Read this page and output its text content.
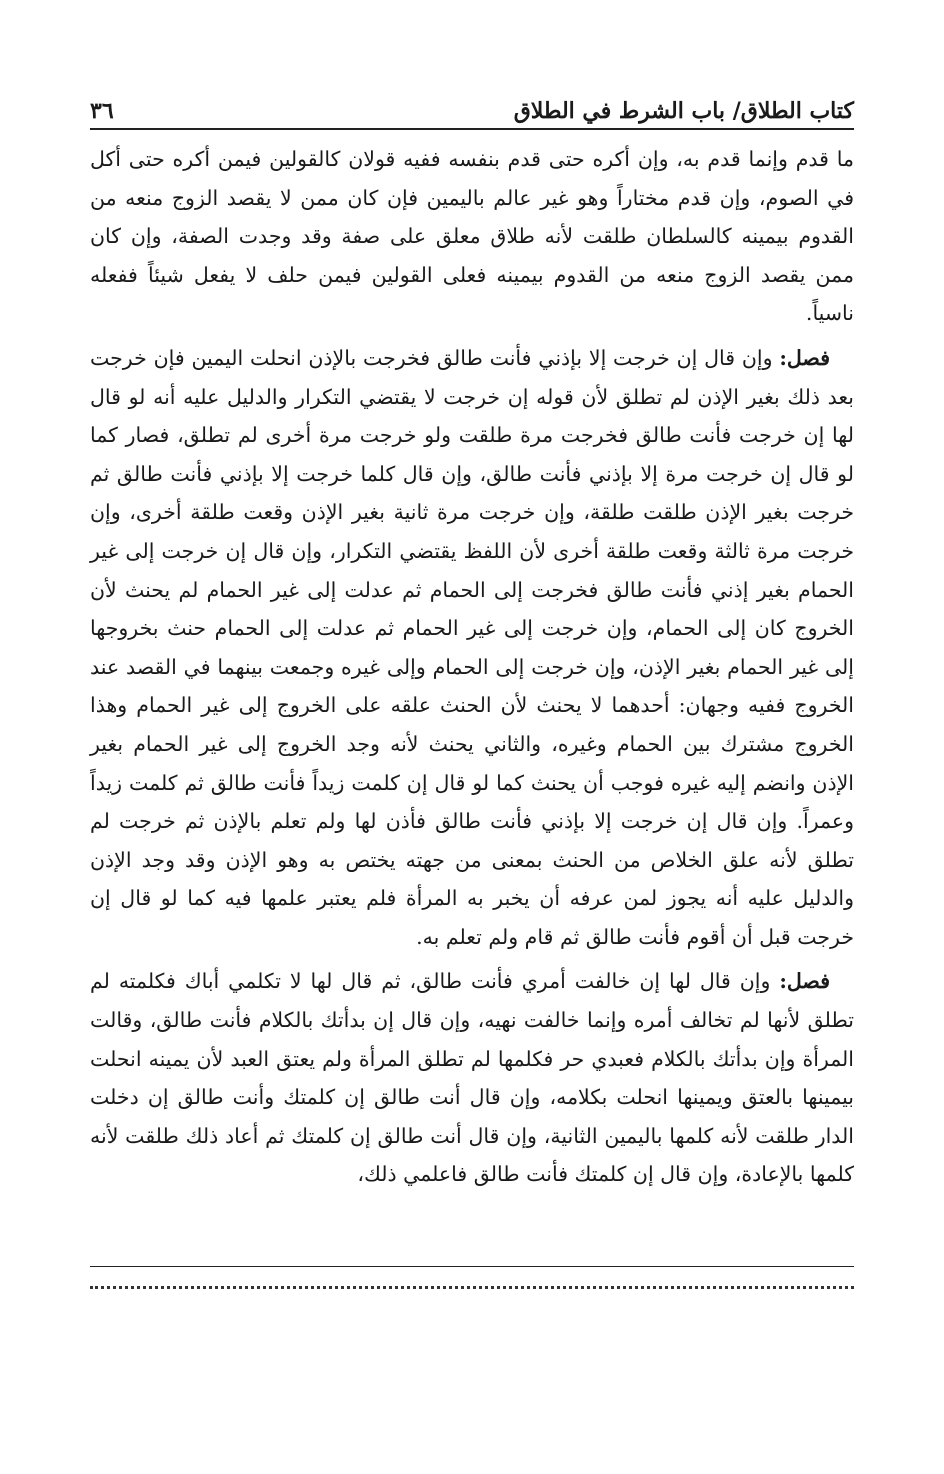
كتاب الطلاق/ باب الشرط في الطلاق
٣٦

ما قدم وإنما قدم به، وإن أكره حتى قدم بنفسه ففيه قولان كالقولين فيمن أكره حتى أكل في الصوم، وإن قدم مختاراً وهو غير عالم باليمين فإن كان ممن لا يقصد الزوج منعه من القدوم بيمينه كالسلطان طلقت لأنه طلاق معلق على صفة وقد وجدت الصفة، وإن كان ممن يقصد الزوج منعه من القدوم بيمينه فعلى القولين فيمن حلف لا يفعل شيئاً ففعله ناسياً.

فصل: وإن قال إن خرجت إلا بإذني فأنت طالق فخرجت بالإذن انحلت اليمين فإن خرجت بعد ذلك بغير الإذن لم تطلق لأن قوله إن خرجت لا يقتضي التكرار والدليل عليه أنه لو قال لها إن خرجت فأنت طالق فخرجت مرة طلقت ولو خرجت مرة أخرى لم تطلق، فصار كما لو قال إن خرجت مرة إلا بإذني فأنت طالق، وإن قال كلما خرجت إلا بإذني فأنت طالق ثم خرجت بغير الإذن طلقت طلقة، وإن خرجت مرة ثانية بغير الإذن وقعت طلقة أخرى، وإن خرجت مرة ثالثة وقعت طلقة أخرى لأن اللفظ يقتضي التكرار، وإن قال إن خرجت إلى غير الحمام بغير إذني فأنت طالق فخرجت إلى الحمام ثم عدلت إلى غير الحمام لم يحنث لأن الخروج كان إلى الحمام، وإن خرجت إلى غير الحمام ثم عدلت إلى الحمام حنث بخروجها إلى غير الحمام بغير الإذن، وإن خرجت إلى الحمام وإلى غيره وجمعت بينهما في القصد عند الخروج ففيه وجهان: أحدهما لا يحنث لأن الحنث علقه على الخروج إلى غير الحمام وهذا الخروج مشترك بين الحمام وغيره، والثاني يحنث لأنه وجد الخروج إلى غير الحمام بغير الإذن وانضم إليه غيره فوجب أن يحنث كما لو قال إن كلمت زيداً فأنت طالق ثم كلمت زيداً وعمراً. وإن قال إن خرجت إلا بإذني فأنت طالق فأذن لها ولم تعلم بالإذن ثم خرجت لم تطلق لأنه علق الخلاص من الحنث بمعنى من جهته يختص به وهو الإذن وقد وجد الإذن والدليل عليه أنه يجوز لمن عرفه أن يخبر به المرأة فلم يعتبر علمها فيه كما لو قال إن خرجت قبل أن أقوم فأنت طالق ثم قام ولم تعلم به.

فصل: وإن قال لها إن خالفت أمري فأنت طالق، ثم قال لها لا تكلمي أباك فكلمته لم تطلق لأنها لم تخالف أمره وإنما خالفت نهيه، وإن قال إن بدأتك بالكلام فأنت طالق، وقالت المرأة وإن بدأتك بالكلام فعبدي حر فكلمها لم تطلق المرأة ولم يعتق العبد لأن يمينه انحلت بيمينها بالعتق ويمينها انحلت بكلامه، وإن قال أنت طالق إن كلمتك وأنت طالق إن دخلت الدار طلقت لأنه كلمها باليمين الثانية، وإن قال أنت طالق إن كلمتك ثم أعاد ذلك طلقت لأنه كلمها بالإعادة، وإن قال إن كلمتك فأنت طالق فاعلمي ذلك،
